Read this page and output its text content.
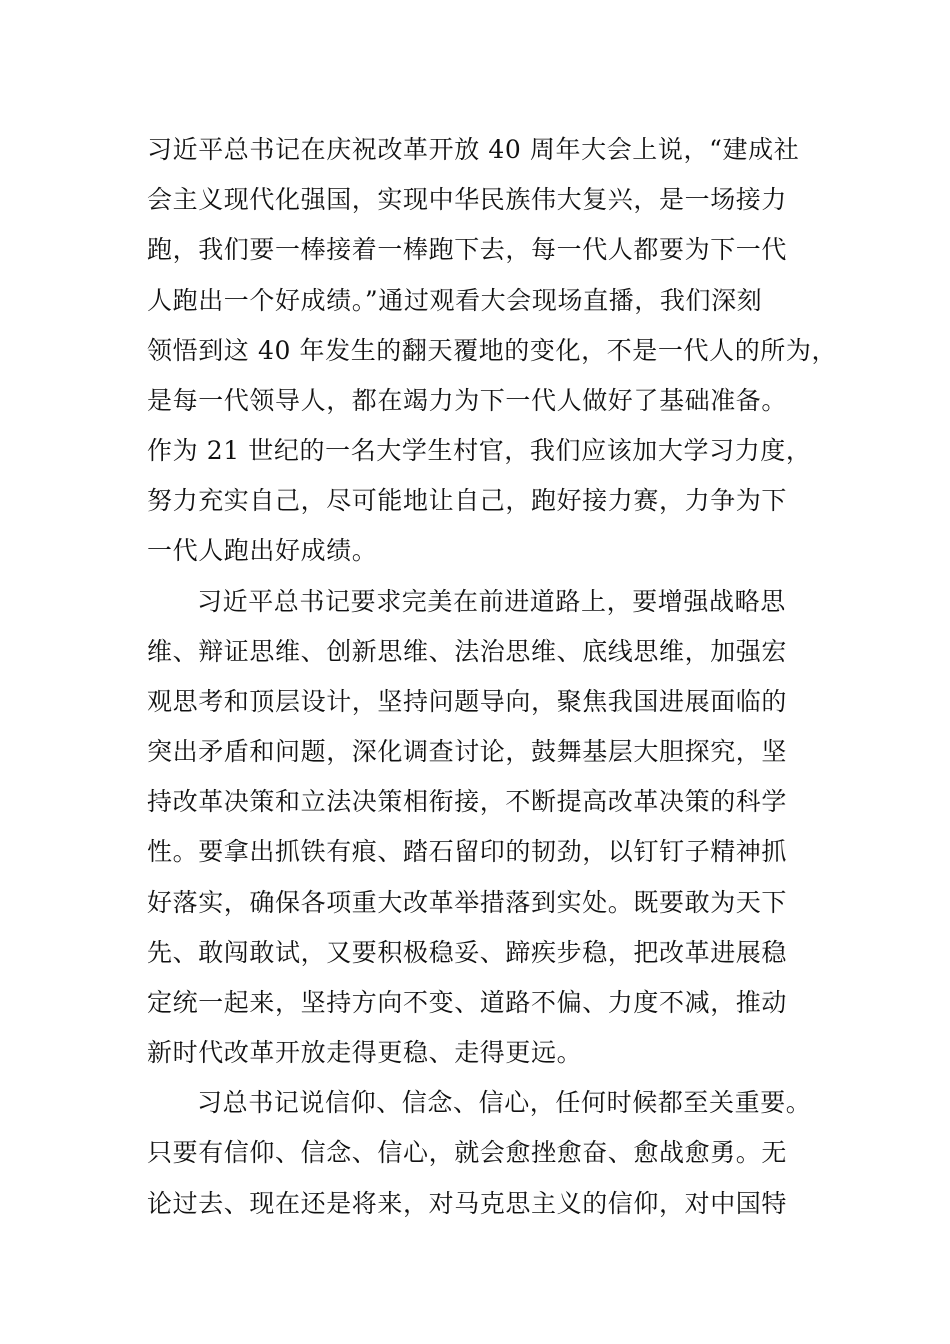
习近平总书记在庆祝改革开放 40 周年大会上说，“建成社
会主义现代化强国，实现中华民族伟大复兴，是一场接力
跑，我们要一棒接着一棒跑下去，每一代人都要为下一代
人跑出一个好成绩。”通过观看大会现场直播，我们深刻
领悟到这 40 年发生的翻天覆地的变化，不是一代人的所为，
是每一代领导人，都在竭力为下一代人做好了基础准备。
作为 21 世纪的一名大学生村官，我们应该加大学习力度，
努力充实自己，尽可能地让自己，跑好接力赛，力争为下
一代人跑出好成绩。
习近平总书记要求完美在前进道路上，要增强战略思
维、辩证思维、创新思维、法治思维、底线思维，加强宏
观思考和顶层设计，坚持问题导向，聚焦我国进展面临的
突出矛盾和问题，深化调查讨论，鼓舞基层大胆探究，坚
持改革决策和立法决策相衔接，不断提高改革决策的科学
性。要拿出抓铁有痕、踏石留印的韧劲，以钉钉子精神抓
好落实，确保各项重大改革举措落到实处。既要敢为天下
先、敢闯敢试，又要积极稳妥、蹄疾步稳，把改革进展稳
定统一起来，坚持方向不变、道路不偏、力度不减，推动
新时代改革开放走得更稳、走得更远。
习总书记说信仰、信念、信心，任何时候都至关重要。
只要有信仰、信念、信心，就会愈挫愈奋、愈战愈勇。无
论过去、现在还是将来，对马克思主义的信仰，对中国特
